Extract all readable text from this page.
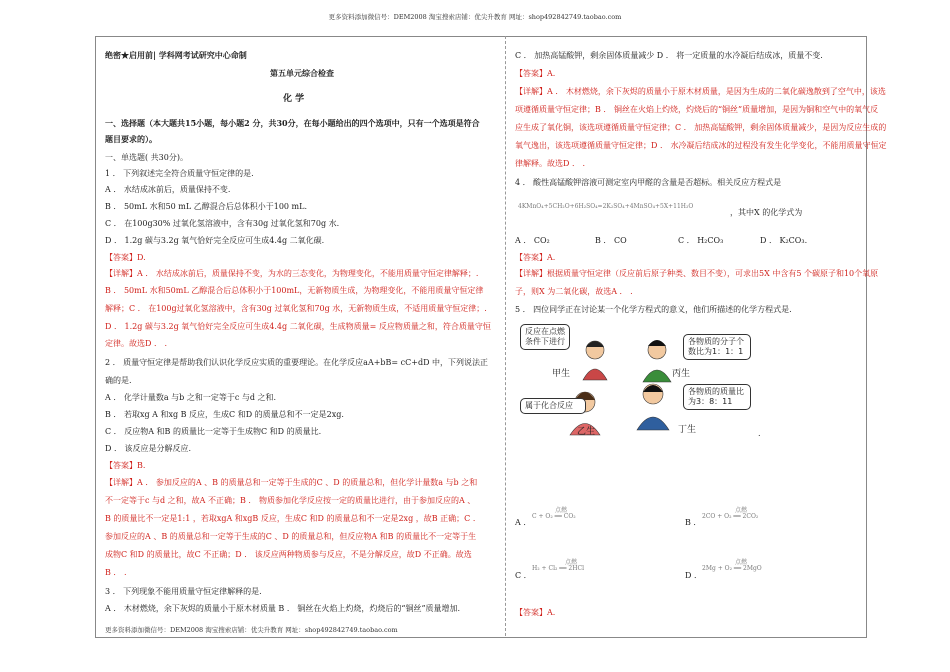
更多资料添加微信号：DEM2008 淘宝搜索店铺：优尖升教育 网址：shop492842749.taobao.com
绝密★启用前| 学科网考试研究中心命制
第五单元综合检查
化 学
一、选择题（本大题共15小题，每小题2 分，共30分，在每小题给出的四个选项中，只有一个选项是符合
题目要求的）。
一、单选题( 共30分)。
1 ． 下列叙述完全符合质量守恒定律的是.
A ． 水结成冰前后，质量保持不变.
B ． 50mL 水和50 mL 乙醇混合后总体积小于100 mL.
C ． 在100g30% 过氧化氢溶液中，含有30g 过氧化氢和70g 水.
D ． 1.2g 碳与3.2g 氧气恰好完全反应可生成4.4g 二氧化碳.
【答案】D.
【详解】A ． 水结成冰前后，质量保持不变，为水的三态变化，为物理变化，不能用质量守恒定律解释；.
B ． 50mL 水和50mL 乙醇混合后总体积小于100mL，无新物质生成，为物理变化，不能用质量守恒定律
解释；C ． 在100g过氧化氢溶液中，含有30g 过氧化氢和70g 水，无新物质生成，不适用质量守恒定律；.
D ． 1.2g 碳与3.2g 氧气恰好完全反应可生成4.4g 二氧化碳，生成物质量= 反应物质量之和，符合质量守恒
定律。故选D ． .
2 ． 质量守恒定律是帮助我们认识化学反应实质的重要理论。在化学反应aA+bB= cC+dD 中，下列说法正
确的是.
A ． 化学计量数a 与b 之和一定等于c 与d 之和.
B ． 若取xg A 和xg B 反应，生成C 和D 的质量总和不一定是2xg.
C ． 反应物A 和B 的质量比一定等于生成物C 和D 的质量比.
D ． 该反应是分解反应.
【答案】B.
【详解】A ． 参加反应的A 、B 的质量总和一定等于生成的C 、D 的质量总和，但化学计量数a 与b 之和
不一定等于c 与d 之和，故A 不正确；B ． 物质参加化学反应按一定的质量比进行，由于参加反应的A 、
B 的质量比不一定是1:1 ，若取xgA 和xgB 反应，生成C 和D 的质量总和不一定是2xg ，故B 正确；C ．
参加反应的A 、B 的质量总和一定等于生成的C 、D 的质量总和，但反应物A 和B 的质量比不一定等于生
成物C 和D 的质量比，故C 不正确；D ． 该反应两种物质参与反应，不是分解反应，故D 不正确。故选
B ． .
3 ． 下列现象不能用质量守恒定律解释的是.
A ． 木材燃烧，余下灰烬的质量小于原木材质量 B ． 铜丝在火焰上灼烧，灼烧后的“铜丝”质量增加.
C ． 加热高锰酸钾，剩余固体质量减少 D ． 将一定质量的水冷凝后结成冰，质量不变.
【答案】A.
【详解】A ． 木材燃烧，余下灰烬的质量小于原木材质量，是因为生成的二氧化碳逸散到了空气中，该选
项遵循质量守恒定律；B ． 铜丝在火焰上灼烧，灼烧后的“铜丝”质量增加，是因为铜和空气中的氧气反
应生成了氧化铜，该选项遵循质量守恒定律；C ． 加热高锰酸钾，剩余固体质量减少，是因为反应生成的
氧气逸出，该选项遵循质量守恒定律；D ． 水冷凝后结成冰的过程没有发生化学变化，不能用质量守恒定
律解释。故选D ． .
4 ． 酸性高锰酸钾溶液可测定室内甲醛的含量是否超标。相关反应方程式是
4KMnO₄+5CH₂O+6H₂SO₄=2K₂SO₄+4MnSO₄+5X+11H₂O
，其中X 的化学式为
A ． CO₂	B ． CO	C ． H₂CO₃	D ． K₂CO₃.
【答案】A.
【详解】根据质量守恒定律（反应前后原子种类、数目不变），可求出5X 中含有5 个碳原子和10个氧原
子，则X 为二氧化碳，故选A ． .
5 ． 四位同学正在讨论某一个化学方程式的意义，他们所描述的化学方程式是.
反应在点燃条件下进行	各物质的分子个数比为1：1：1
属于化合反应
各物质的质量比为3：8：11
甲生	丙生
乙生	丁生	.
A ．
点燃
C + O₂ ══ CO₂
B ．
点燃
2CO + O₂ ══ 2CO₂
C ．
点燃
H₂ + Cl₂ ══ 2HCl
D ．
点燃
2Mg + O₂ ══ 2MgO
【答案】A.
更多资料添加微信号：DEM2008 淘宝搜索店铺：优尖升教育 网址：shop492842749.taobao.com
